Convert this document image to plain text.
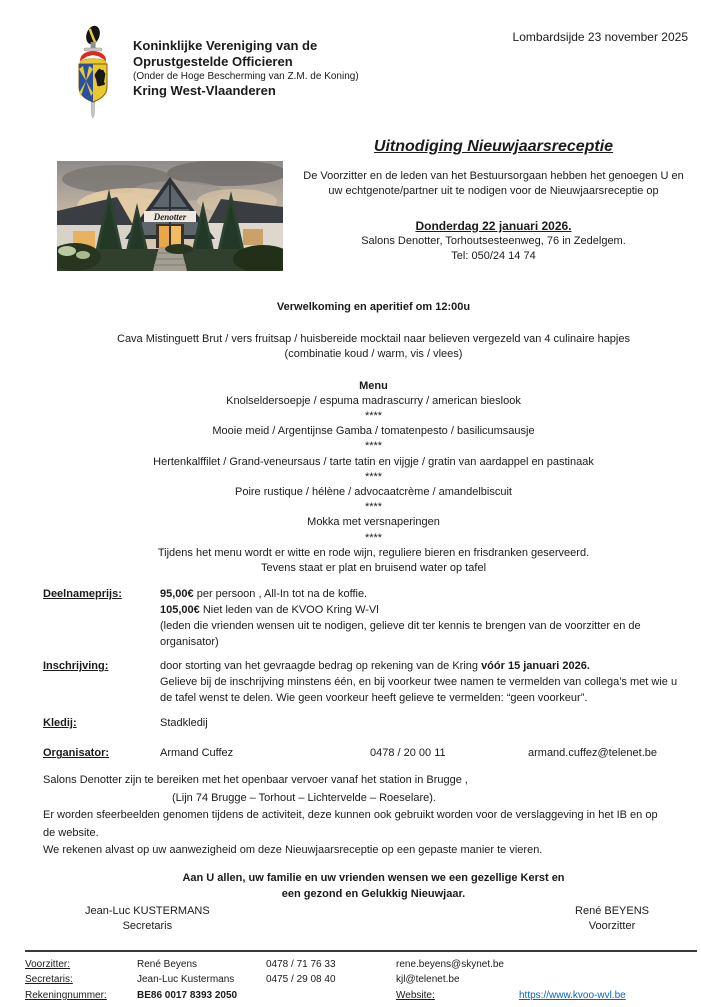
Koninklijke Vereniging van de
Oprustgestelde Officieren
(Onder de Hoge Bescherming van Z.M. de Koning)
Kring West-Vlaanderen
Lombardsijde 23 november 2025
Denotter
Uitnodiging Nieuwjaarsreceptie
De Voorzitter en de leden van het Bestuursorgaan hebben het genoegen U en
uw echtgenote/partner uit te nodigen voor de Nieuwjaarsreceptie op
Donderdag 22 januari 2026.
Salons Denotter, Torhoutsesteenweg, 76 in Zedelgem.
Tel: 050/24 14 74
Verwelkoming en aperitief om 12:00u
Cava Mistinguett Brut / vers fruitsap / huisbereide mocktail naar believen vergezeld van 4 culinaire hapjes
(combinatie koud / warm, vis / vlees)
Menu
Knolseldersoepje / espuma madrascurry / american bieslook
****
Mooie meid / Argentijnse Gamba / tomatenpesto / basilicumsausje
****
Hertenkalffilet / Grand-veneursaus / tarte tatin en vijgje / gratin van aardappel en pastinaak
****
Poire rustique / hélène / advocaatcrème / amandelbiscuit
****
Mokka met versnaperingen
****
Tijdens het menu wordt er witte en rode wijn, reguliere bieren en frisdranken geserveerd.
Tevens staat er plat en bruisend water op tafel
Deelnameprijs:	95,00€ per persoon , All-In tot na de koffie.
105,00€ Niet leden van de KVOO Kring W-Vl
(leden die vrienden wensen uit te nodigen, gelieve dit ter kennis te brengen van de voorzitter en de
organisator)
Inschrijving:	door storting van het gevraagde bedrag op rekening van de Kring vóór 15 januari 2026.
Gelieve bij de inschrijving minstens één, en bij voorkeur twee namen te vermelden van collega’s met wie u
de tafel wenst te delen. Wie geen voorkeur heeft gelieve te vermelden: “geen voorkeur”.
Kledij:	Stadkledij
Organisator:	Armand Cuffez	0478 / 20 00 11	armand.cuffez@telenet.be
Salons Denotter zijn te bereiken met het openbaar vervoer vanaf het station in Brugge ,
(Lijn 74 Brugge – Torhout – Lichtervelde – Roeselare).
Er worden sfeerbeelden genomen tijdens de activiteit, deze kunnen ook gebruikt worden voor de verslaggeving in het IB en op
de website.
We rekenen alvast op uw aanwezigheid om deze Nieuwjaarsreceptie op een gepaste manier te vieren.
Aan U allen, uw familie en uw vrienden wensen we een gezellige Kerst en
een gezond en Gelukkig Nieuwjaar.
Jean-Luc KUSTERMANS
Secretaris
René BEYENS
Voorzitter
Voorzitter:	René Beyens	0478 / 71 76 33	rene.beyens@skynet.be
Secretaris:	Jean-Luc Kustermans	0475 / 29 08 40	kjl@telenet.be
Rekeningnummer:	BE86 0017 8393 2050	Website:	https://www.kvoo-wvl.be
